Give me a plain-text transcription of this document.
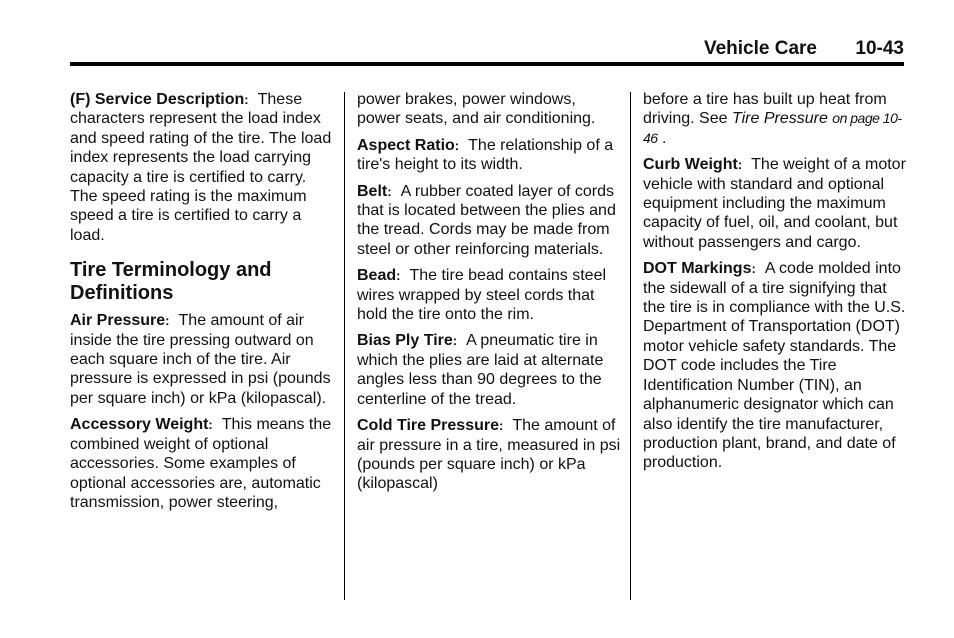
Vehicle Care 10-43

(F) Service Description: These characters represent the load index and speed rating of the tire. The load index represents the load carrying capacity a tire is certified to carry. The speed rating is the maximum speed a tire is certified to carry a load.

Tire Terminology and Definitions

Air Pressure: The amount of air inside the tire pressing outward on each square inch of the tire. Air pressure is expressed in psi (pounds per square inch) or kPa (kilopascal).

Accessory Weight: This means the combined weight of optional accessories. Some examples of optional accessories are, automatic transmission, power steering,

power brakes, power windows, power seats, and air conditioning.

Aspect Ratio: The relationship of a tire's height to its width.

Belt: A rubber coated layer of cords that is located between the plies and the tread. Cords may be made from steel or other reinforcing materials.

Bead: The tire bead contains steel wires wrapped by steel cords that hold the tire onto the rim.

Bias Ply Tire: A pneumatic tire in which the plies are laid at alternate angles less than 90 degrees to the centerline of the tread.

Cold Tire Pressure: The amount of air pressure in a tire, measured in psi (pounds per square inch) or kPa (kilopascal)

before a tire has built up heat from driving. See Tire Pressure on page 10-46 .

Curb Weight: The weight of a motor vehicle with standard and optional equipment including the maximum capacity of fuel, oil, and coolant, but without passengers and cargo.

DOT Markings: A code molded into the sidewall of a tire signifying that the tire is in compliance with the U.S. Department of Transportation (DOT) motor vehicle safety standards. The DOT code includes the Tire Identification Number (TIN), an alphanumeric designator which can also identify the tire manufacturer, production plant, brand, and date of production.
